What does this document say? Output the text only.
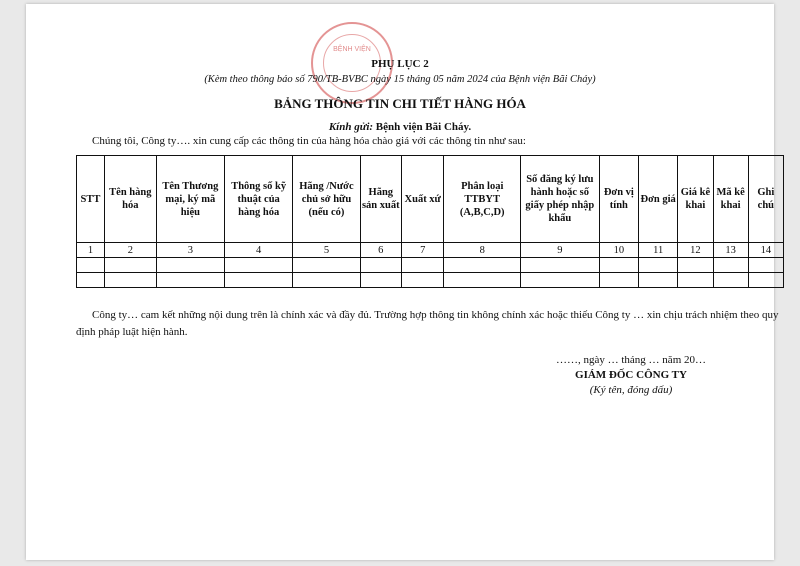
BỆNH VIỆN
PHỤ LỤC 2
(Kèm theo thông báo số 790/TB-BVBC ngày 15 tháng 05 năm 2024 của Bệnh viện Bãi Cháy)
BẢNG THÔNG TIN CHI TIẾT HÀNG HÓA
Kính gửi: Bệnh viện Bãi Cháy.
Chúng tôi, Công ty…. xin cung cấp các thông tin của hàng hóa chào giá với các thông tin như sau:
STT	Tên hàng hóa	Tên Thương mại, ký mã hiệu	Thông số kỹ thuật của hàng hóa	Hãng /Nước chủ sở hữu (nếu có)	Hãng sản xuất	Xuất xứ	Phân loại TTBYT (A,B,C,D)	Số đăng ký lưu hành hoặc số giấy phép nhập khẩu	Đơn vị tính	Đơn giá	Giá kê khai	Mã kê khai	Ghi chú
1	2	3	4	5	6	7	8	9	10	11	12	13	14

Công ty… cam kết những nội dung trên là chính xác và đầy đủ. Trường hợp thông tin không chính xác hoặc thiếu Công ty … xin chịu trách nhiệm theo quy định pháp luật hiện hành.
……, ngày … tháng … năm 20…
GIÁM ĐỐC CÔNG TY
(Ký tên, đóng dấu)
